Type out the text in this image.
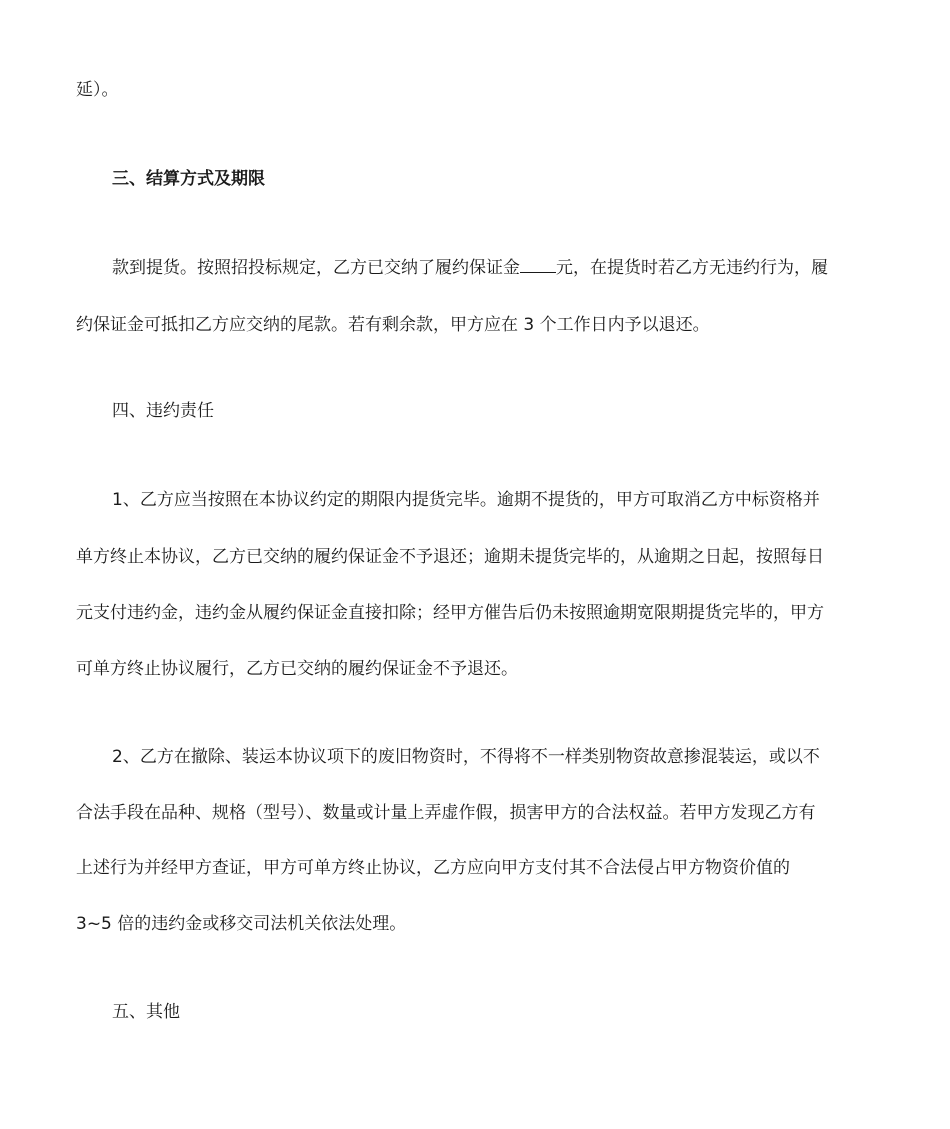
延）。
三、结算方式及期限
款到提货。按照招投标规定，乙方已交纳了履约保证金 元，在提货时若乙方无违约行为，履
约保证金可抵扣乙方应交纳的尾款。若有剩余款，甲方应在 3 个工作日内予以退还。
四、违约责任
1、乙方应当按照在本协议约定的期限内提货完毕。逾期不提货的，甲方可取消乙方中标资格并
单方终止本协议，乙方已交纳的履约保证金不予退还；逾期未提货完毕的，从逾期之日起，按照每日
元支付违约金，违约金从履约保证金直接扣除；经甲方催告后仍未按照逾期宽限期提货完毕的，甲方
可单方终止协议履行，乙方已交纳的履约保证金不予退还。
2、乙方在撤除、装运本协议项下的废旧物资时，不得将不一样类别物资故意掺混装运，或以不
合法手段在品种、规格（型号）、数量或计量上弄虚作假，损害甲方的合法权益。若甲方发现乙方有
上述行为并经甲方查证，甲方可单方终止协议，乙方应向甲方支付其不合法侵占甲方物资价值的
3~5 倍的违约金或移交司法机关依法处理。
五、其他
